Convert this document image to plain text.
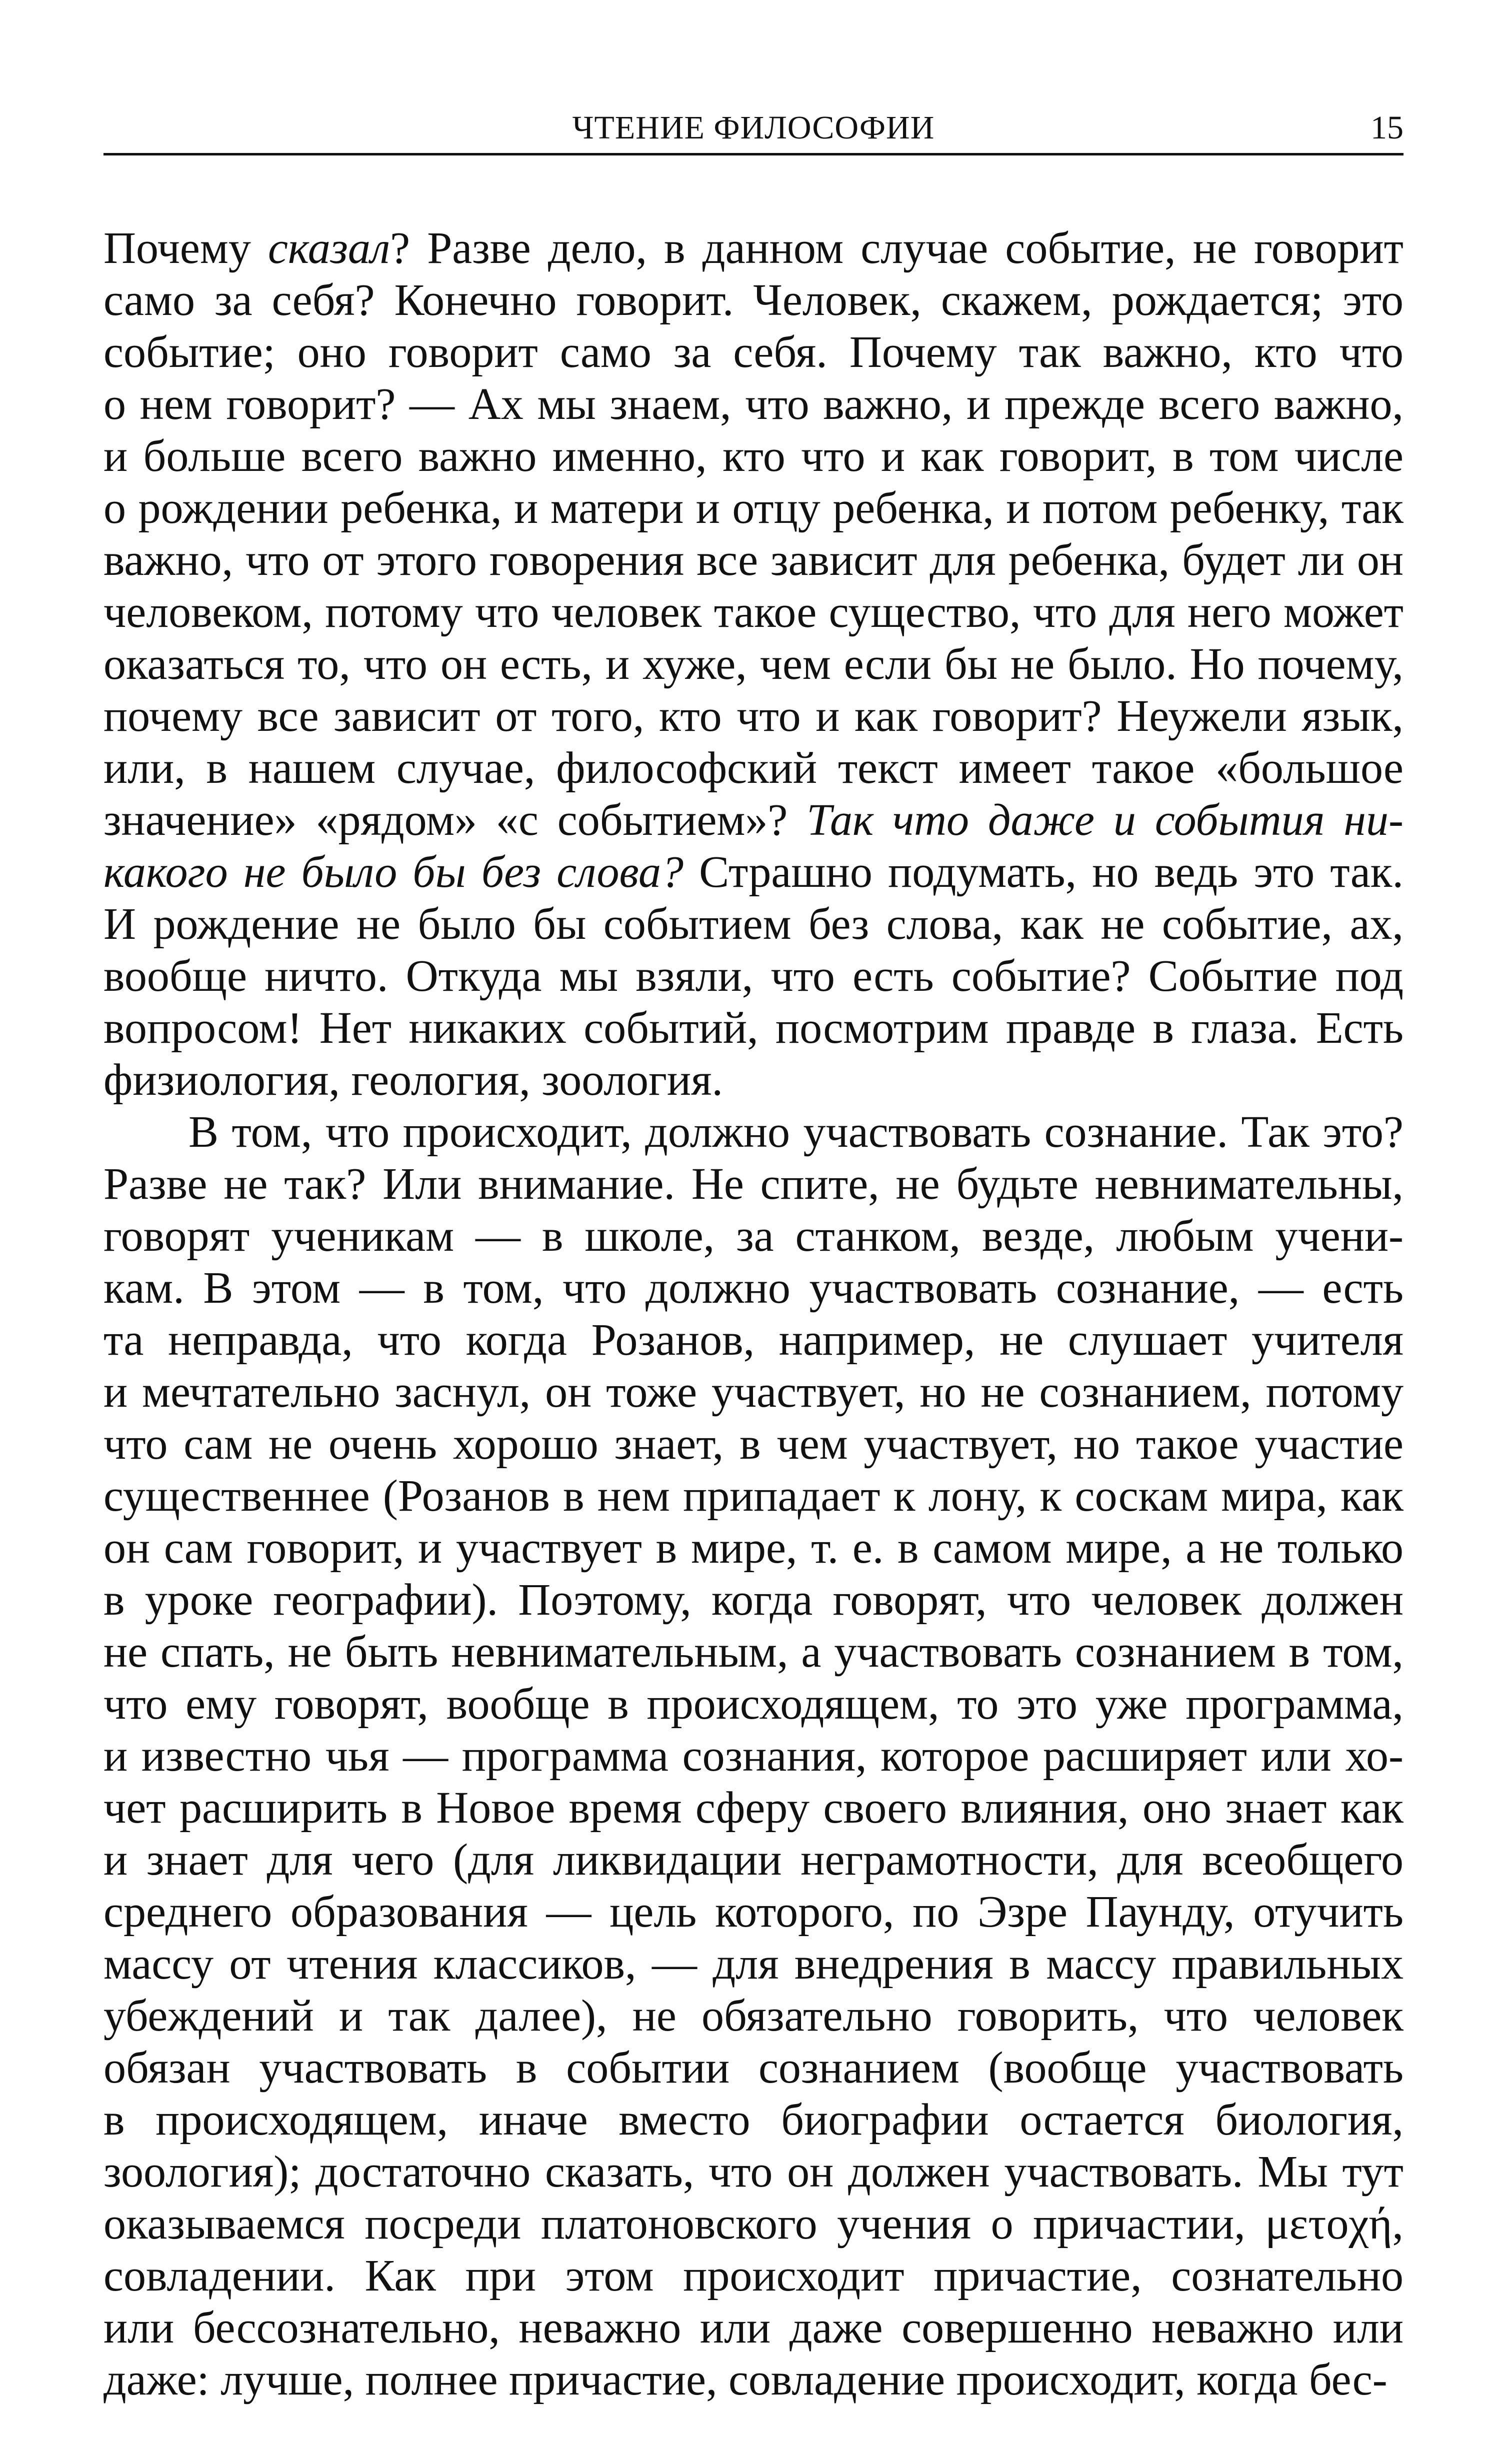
ЧТЕНИЕ ФИЛОСОФИИ	15
Почему сказал? Разве дело, в данном случае событие, не говорит
само за себя? Конечно говорит. Человек, скажем, рождается; это
событие; оно говорит само за себя. Почему так важно, кто что
о нем говорит? — Ах мы знаем, что важно, и прежде всего важно,
и больше всего важно именно, кто что и как говорит, в том числе
о рождении ребенка, и матери и отцу ребенка, и потом ребенку, так
важно, что от этого говорения все зависит для ребенка, будет ли он
человеком, потому что человек такое существо, что для него может
оказаться то, что он есть, и хуже, чем если бы не было. Но почему,
почему все зависит от того, кто что и как говорит? Неужели язык,
или, в нашем случае, философский текст имеет такое «большое
значение» «рядом» «с событием»? Так что даже и события ни-
какого не было бы без слова? Страшно подумать, но ведь это так.
И рождение не было бы событием без слова, как не событие, ах,
вообще ничто. Откуда мы взяли, что есть событие? Событие под
вопросом! Нет никаких событий, посмотрим правде в глаза. Есть
физиология, геология, зоология.
В том, что происходит, должно участвовать сознание. Так это?
Разве не так? Или внимание. Не спите, не будьте невнимательны,
говорят ученикам — в школе, за станком, везде, любым учени-
кам. В этом — в том, что должно участвовать сознание, — есть
та неправда, что когда Розанов, например, не слушает учителя
и мечтательно заснул, он тоже участвует, но не сознанием, потому
что сам не очень хорошо знает, в чем участвует, но такое участие
существеннее (Розанов в нем припадает к лону, к соскам мира, как
он сам говорит, и участвует в мире, т. е. в самом мире, а не только
в уроке географии). Поэтому, когда говорят, что человек должен
не спать, не быть невнимательным, а участвовать сознанием в том,
что ему говорят, вообще в происходящем, то это уже программа,
и известно чья — программа сознания, которое расширяет или хо-
чет расширить в Новое время сферу своего влияния, оно знает как
и знает для чего (для ликвидации неграмотности, для всеобщего
среднего образования — цель которого, по Эзре Паунду, отучить
массу от чтения классиков, — для внедрения в массу правильных
убеждений и так далее), не обязательно говорить, что человек
обязан участвовать в событии сознанием (вообще участвовать
в происходящем, иначе вместо биографии остается биология,
зоология); достаточно сказать, что он должен участвовать. Мы тут
оказываемся посреди платоновского учения о причастии, μετοχή,
совладении. Как при этом происходит причастие, сознательно
или бессознательно, неважно или даже совершенно неважно или
даже: лучше, полнее причастие, совладение происходит, когда бес-
